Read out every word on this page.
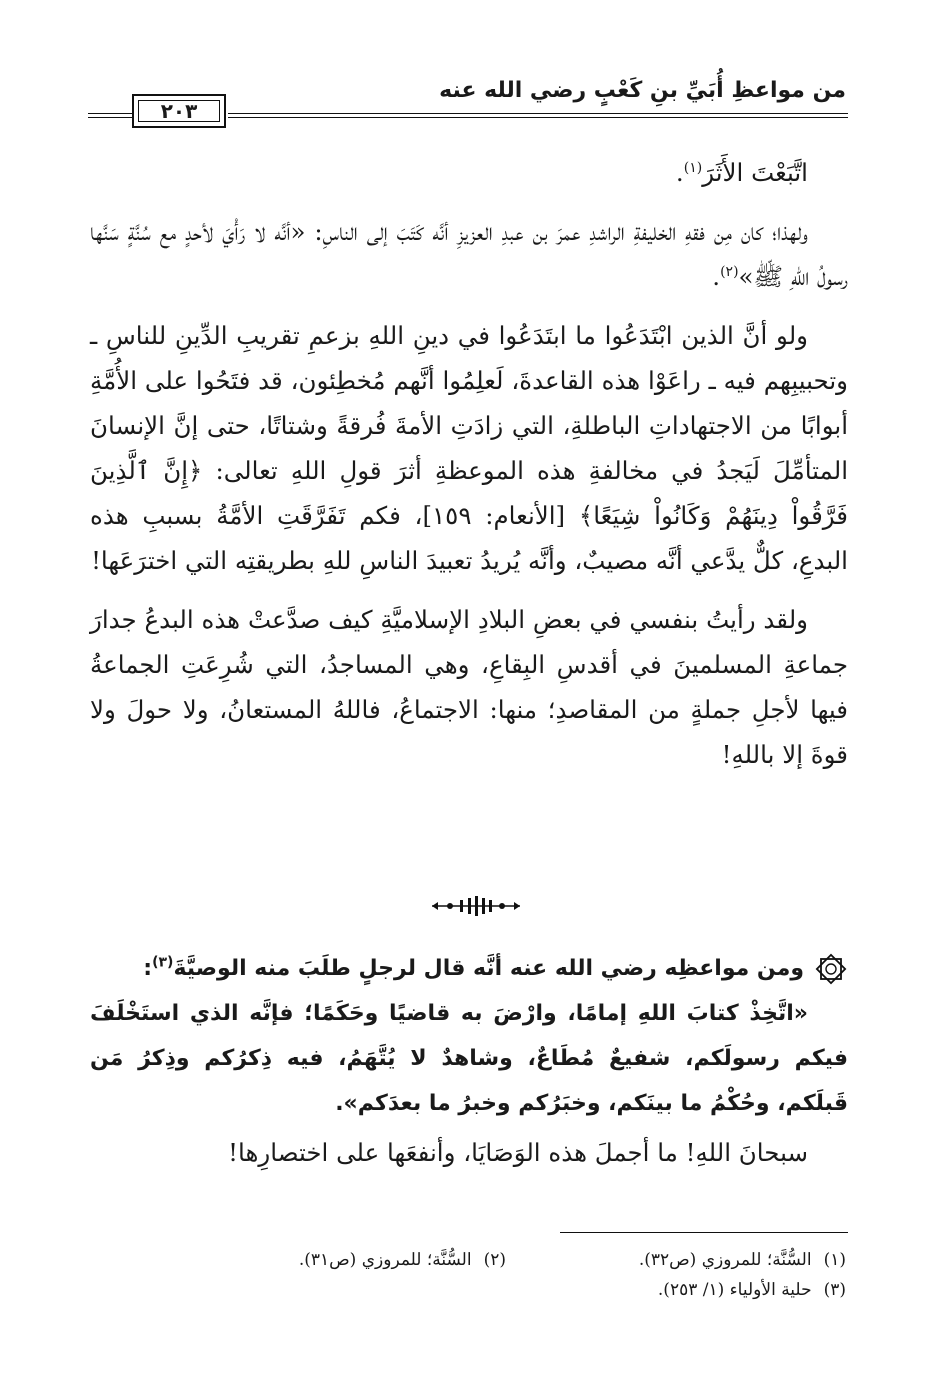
من مواعظِ أُبَيِّ بنِ كَعْبٍ رضي الله عنه
٢٠٣

اتَّبَعْتَ الأَثَرَ$^{(١)}$.

ولهذا؛ كان مِن فقهِ الخليفةِ الراشدِ عمرَ بن عبدِ العزيزِ أنَّه كَتَبَ إلى الناسِ: «أنَّه لا رَأْيَ لأحدٍ مع سُنَّةٍ سَنَّها رسولُ اللهِ ﷺ»$^{(٢)}$.

ولو أنَّ الذين ابْتَدَعُوا ما ابتَدَعُوا في دينِ اللهِ بزعمِ تقريبِ الدِّينِ للناسِ ـ وتحبيبِهم فيه ـ راعَوْا هذه القاعدةَ، لَعلِمُوا أنَّهم مُخطِئون، قد فتَحُوا على الأُمَّةِ أبوابًا من الاجتهاداتِ الباطلةِ، التي زادَتِ الأمةَ فُرقةً وشتاتًا، حتى إنَّ الإنسانَ المتأمِّلَ لَيَجدُ في مخالفةِ هذه الموعظةِ أثرَ قولِ اللهِ تعالى: ﴿إِنَّ ٱلَّذِينَ فَرَّقُواْ دِينَهُمْ وَكَانُواْ شِيَعًا﴾ [الأنعام: ١٥٩]، فكم تَفَرَّقَتِ الأمَّةُ بسببِ هذه البدعِ، كلٌّ يدَّعي أنَّه مصيبٌ، وأنَّه يُريدُ تعبيدَ الناسِ للهِ بطريقتِه التي اخترَعَها!

ولقد رأيتُ بنفسي في بعضِ البلادِ الإسلاميَّةِ كيف صدَّعتْ هذه البدعُ جدارَ جماعةِ المسلمينَ في أقدسِ البِقاعِ، وهي المساجدُ، التي شُرِعَتِ الجماعةُ فيها لأجلِ جملةٍ من المقاصدِ؛ منها: الاجتماعُ، فاللهُ المستعانُ، ولا حولَ ولا قوةَ إلا باللهِ!

ومن مواعظِه رضي الله عنه أنَّه قال لرجلٍ طلَبَ منه الوصيَّةَ$^{(٣)}$:

«اتَّخِذْ كتابَ اللهِ إمامًا، وارْضَ به قاضيًا وحَكَمًا؛ فإنَّه الذي استَخْلَفَ فيكم رسولَكم، شفيعٌ مُطَاعٌ، وشاهدٌ لا يُتَّهَمُ، فيه ذِكرُكم وذِكرُ مَن قَبلَكم، وحُكْمُ ما بينَكم، وخبَرُكم وخبرُ ما بعدَكم».

سبحانَ اللهِ! ما أجملَ هذه الوَصَايَا، وأنفعَها على اختصارِها!

(١)السُّنَّة؛ للمروزي (ص٣٢).
(٢)السُّنَّة؛ للمروزي (ص٣١).
(٣)حلية الأولياء (١/ ٢٥٣).
